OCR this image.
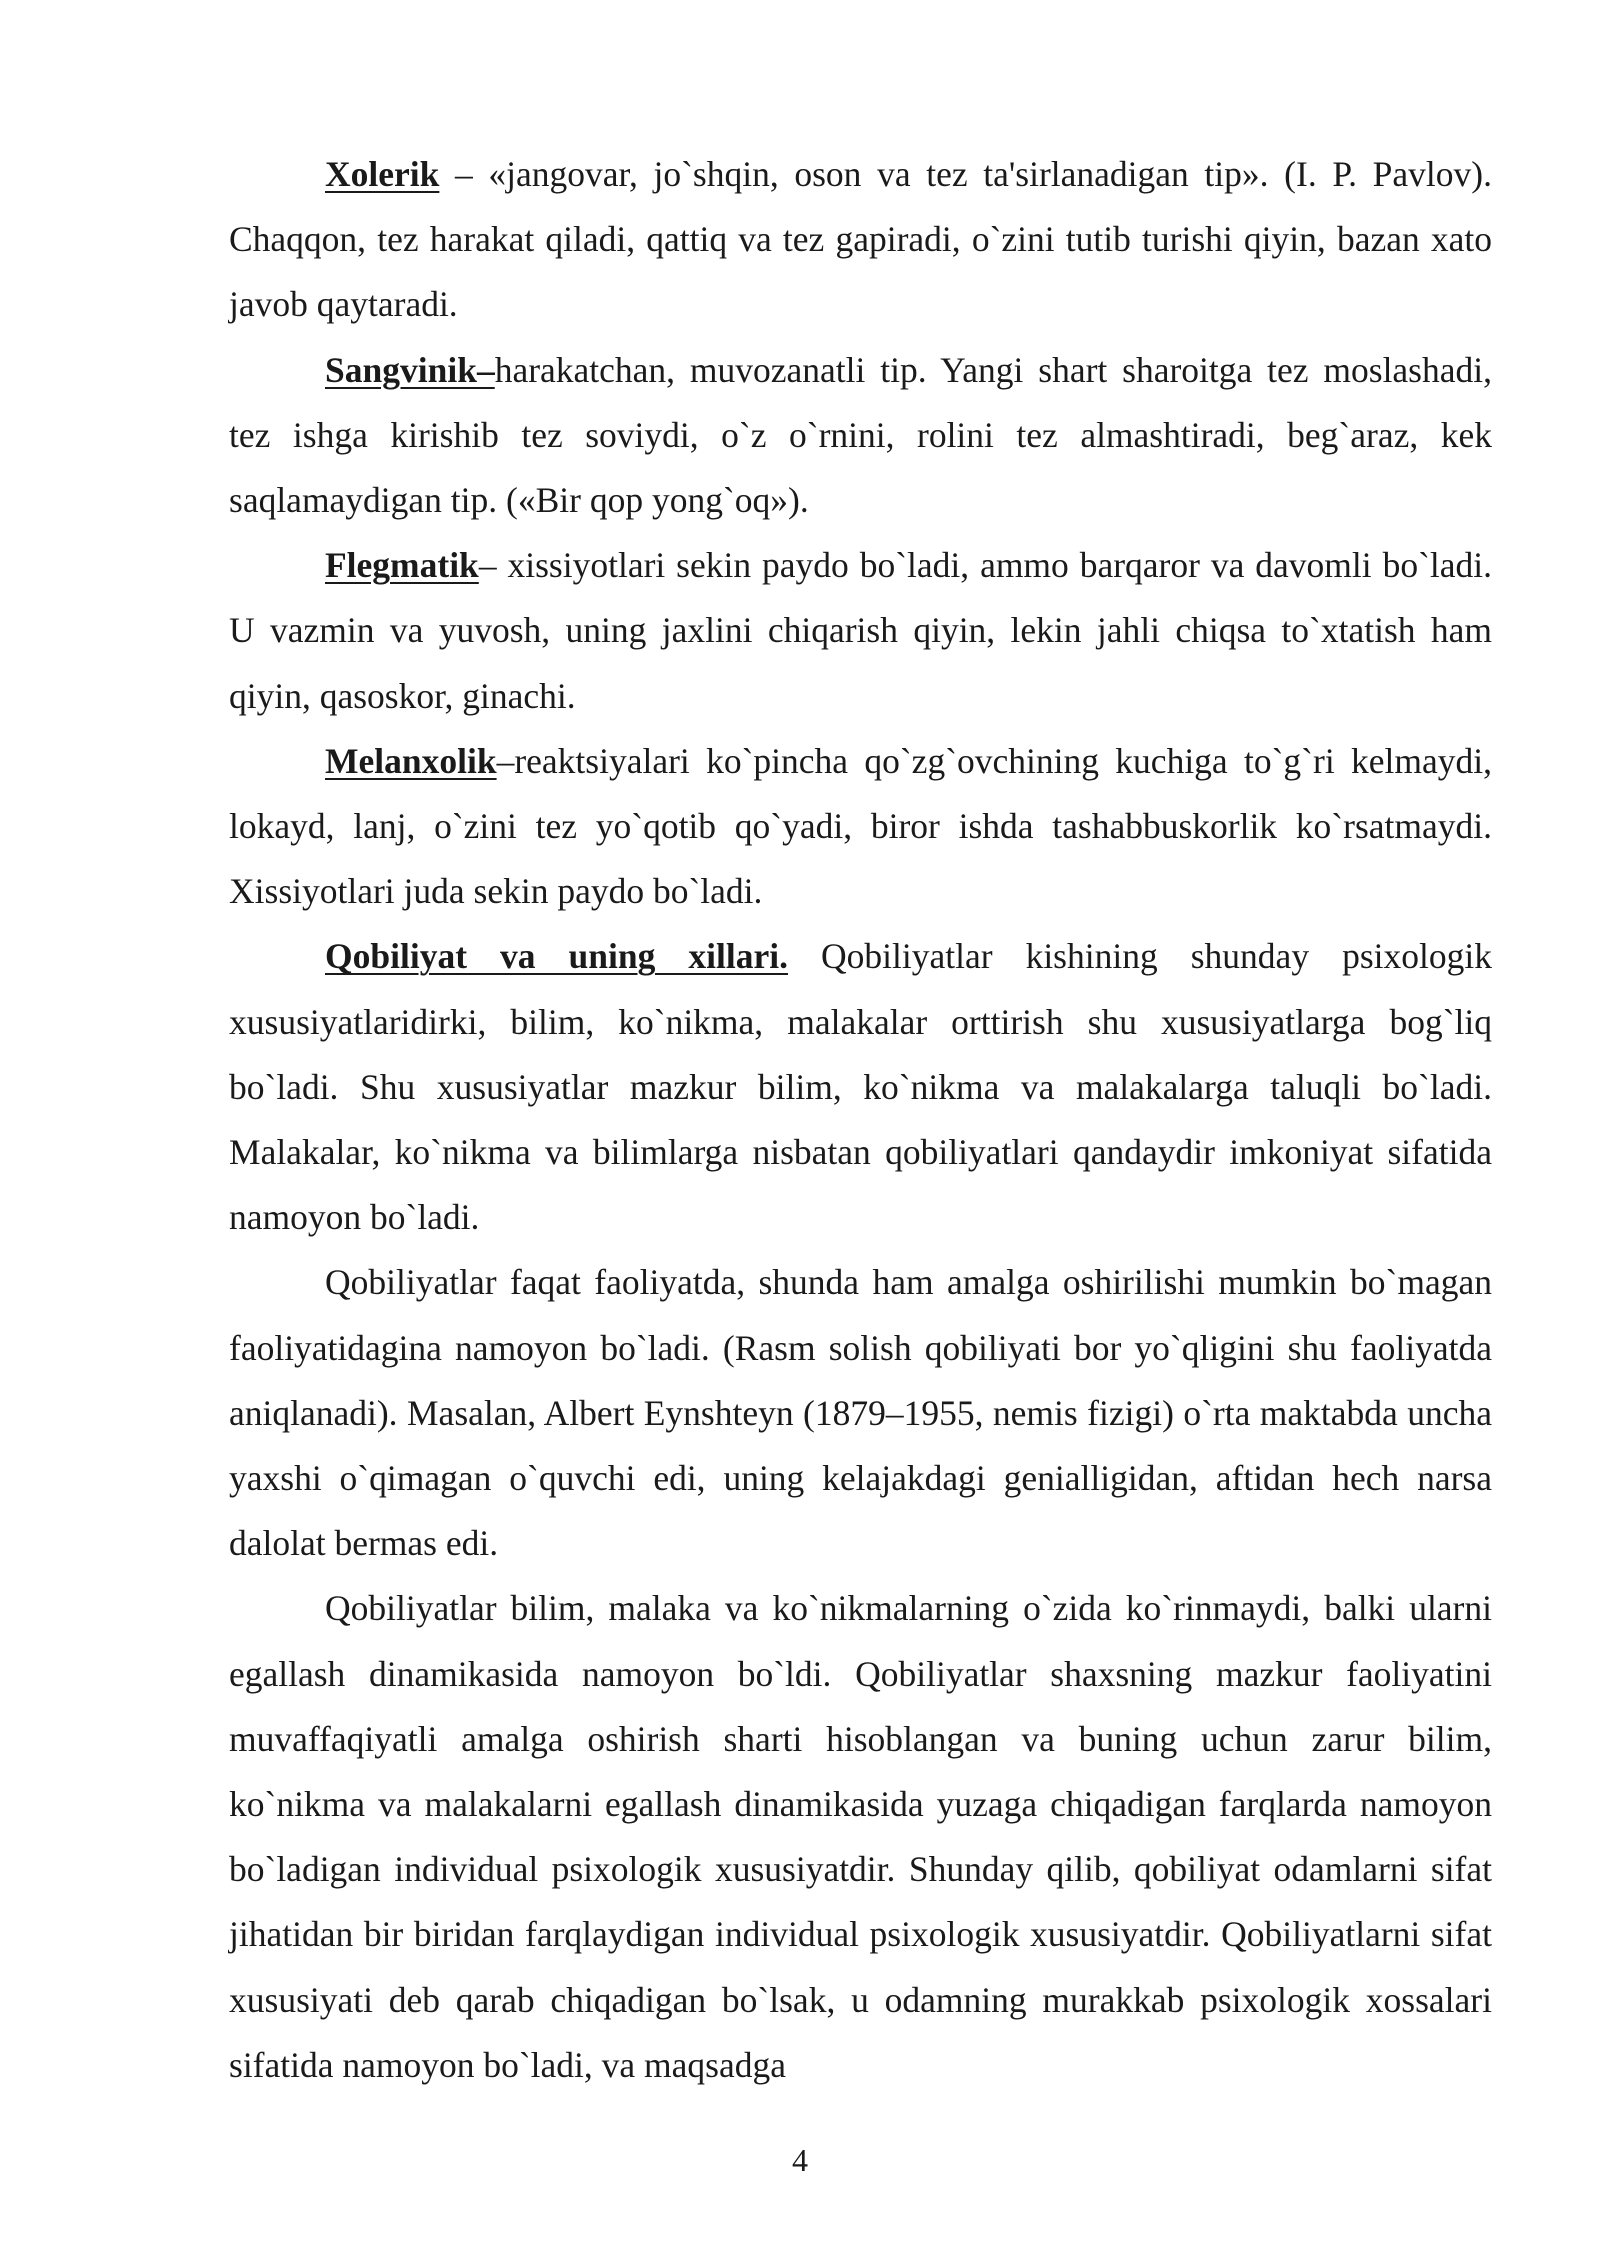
Xolerik – «jangovar, jo`shqin, oson va tez ta'sirlanadigan tip». (I. P. Pavlov). Chaqqon, tez harakat qiladi, qattiq va tez gapiradi, o`zini tutib turishi qiyin, bazan xato javob qaytaradi.

Sangvinik–harakatchan, muvozanatli tip. Yangi shart sharoitga tez moslashadi, tez ishga kirishib tez soviydi, o`z o`rnini, rolini tez almashtiradi, beg`araz, kek saqlamaydigan tip. («Bir qop yong`oq»).

Flegmatik– xissiyotlari sekin paydo bo`ladi, ammo barqaror va davomli bo`ladi. U vazmin va yuvosh, uning jaxlini chiqarish qiyin, lekin jahli chiqsa to`xtatish ham qiyin, qasoskor, ginachi.

Melanxolik–reaktsiyalari ko`pincha qo`zg`ovchining kuchiga to`g`ri kelmaydi, lokayd, lanj, o`zini tez yo`qotib qo`yadi, biror ishda tashabbuskorlik ko`rsatmaydi. Xissiyotlari juda sekin paydo bo`ladi.

Qobiliyat va uning xillari. Qobiliyatlar kishining shunday psixologik xususiyatlaridirki, bilim, ko`nikma, malakalar orttirish shu xususiyatlarga bog`liq bo`ladi. Shu xususiyatlar mazkur bilim, ko`nikma va malakalarga taluqli bo`ladi. Malakalar, ko`nikma va bilimlarga nisbatan qobiliyatlari qandaydir imkoniyat sifatida namoyon bo`ladi.

Qobiliyatlar faqat faoliyatda, shunda ham amalga oshirilishi mumkin bo`magan faoliyatidagina namoyon bo`ladi. (Rasm solish qobiliyati bor yo`qligini shu faoliyatda aniqlanadi). Masalan, Albert Eynshteyn (1879–1955, nemis fizigi) o`rta maktabda uncha yaxshi o`qimagan o`quvchi edi, uning kelajakdagi genialligidan, aftidan hech narsa dalolat bermas edi.

Qobiliyatlar bilim, malaka va ko`nikmalarning o`zida ko`rinmaydi, balki ularni egallash dinamikasida namoyon bo`ldi. Qobiliyatlar shaxsning mazkur faoliyatini muvaffaqiyatli amalga oshirish sharti hisoblangan va buning uchun zarur bilim, ko`nikma va malakalarni egallash dinamikasida yuzaga chiqadigan farqlarda namoyon bo`ladigan individual psixologik xususiyatdir. Shunday qilib, qobiliyat odamlarni sifat jihatidan bir biridan farqlaydigan individual psixologik xususiyatdir. Qobiliyatlarni sifat xususiyati deb qarab chiqadigan bo`lsak, u odamning murakkab psixologik xossalari sifatida namoyon bo`ladi, va maqsadga

4
